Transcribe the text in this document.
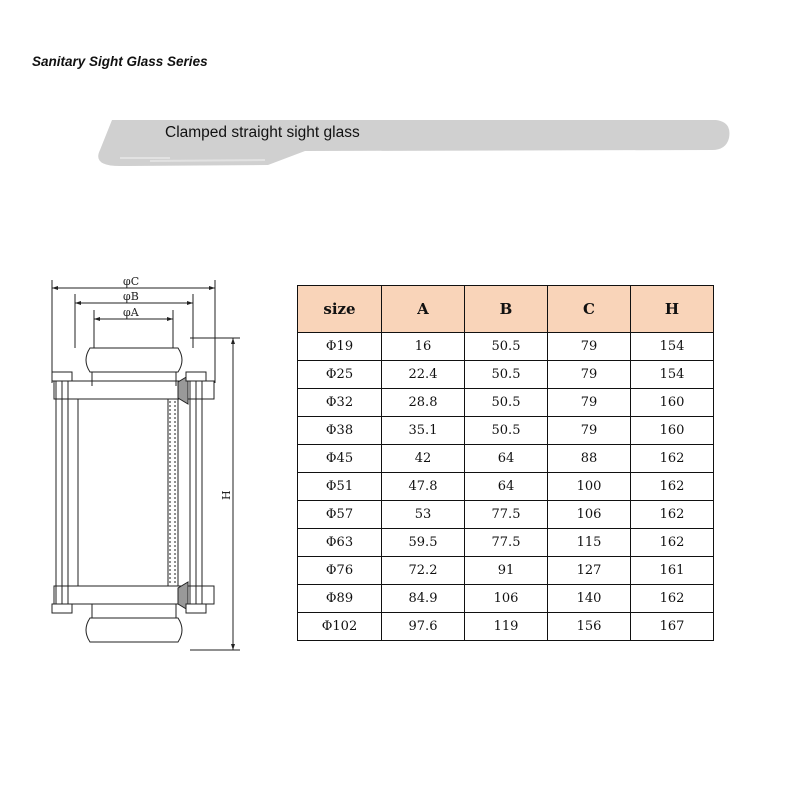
Sanitary Sight Glass Series
Clamped straight sight glass
φC
φB
φA
H
size	A	B	C	H
Φ19	16	50.5	79	154
Φ25	22.4	50.5	79	154
Φ32	28.8	50.5	79	160
Φ38	35.1	50.5	79	160
Φ45	42	64	88	162
Φ51	47.8	64	100	162
Φ57	53	77.5	106	162
Φ63	59.5	77.5	115	162
Φ76	72.2	91	127	161
Φ89	84.9	106	140	162
Φ102	97.6	119	156	167
